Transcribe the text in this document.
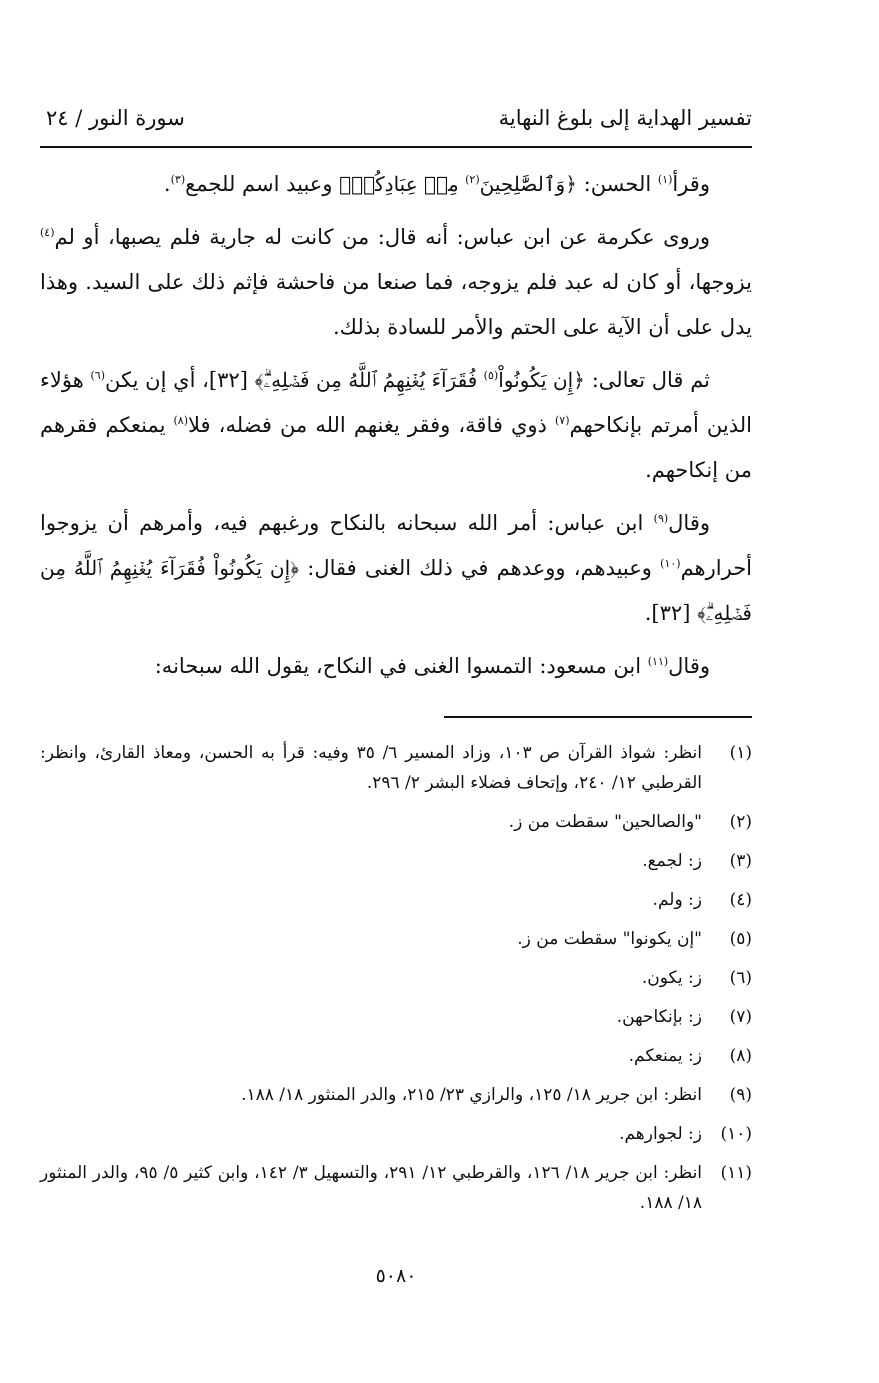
تفسير الهداية إلى بلوغ النهاية
سورة النور / ٢٤

وقرأ$^{(١)}$ الحسن: ﴿وَٱلصَّٰلِحِينَ$^{(٢)}$ مِنۡ عِبَادِكُمۡ﴾ وعبيد اسم للجمع$^{(٣)}$.

وروى عكرمة عن ابن عباس: أنه قال: من كانت له جارية فلم يصبها، أو لم$^{(٤)}$ يزوجها، أو كان له عبد فلم يزوجه، فما صنعا من فاحشة فإثم ذلك على السيد. وهذا يدل على أن الآية على الحتم والأمر للسادة بذلك.

ثم قال تعالى: ﴿إِن يَكُونُواْ$^{(٥)}$ فُقَرَآءَ يُغۡنِهِمُ ٱللَّهُ مِن فَضۡلِهِۦۗ﴾ [٣٢]، أي إن يكن$^{(٦)}$ هؤلاء الذين أمرتم بإنكاحهم$^{(٧)}$ ذوي فاقة، وفقر يغنهم الله من فضله، فلا$^{(٨)}$ يمنعكم فقرهم من إنكاحهم.

وقال$^{(٩)}$ ابن عباس: أمر الله سبحانه بالنكاح ورغبهم فيه، وأمرهم أن يزوجوا أحرارهم$^{(١٠)}$ وعبيدهم، ووعدهم في ذلك الغنى فقال: ﴿إِن يَكُونُواْ فُقَرَآءَ يُغۡنِهِمُ ٱللَّهُ مِن فَضۡلِهِۦۗ﴾ [٣٢].

وقال$^{(١١)}$ ابن مسعود: التمسوا الغنى في النكاح، يقول الله سبحانه:

(١)
انظر: شواذ القرآن ص ١٠٣، وزاد المسير ٦/ ٣٥ وفيه: قرأ به الحسن، ومعاذ القارئ، وانظر: القرطبي ١٢/ ٢٤٠، وإتحاف فضلاء البشر ٢/ ٢٩٦.
(٢)
"والصالحين" سقطت من ز.
(٣)
ز: لجمع.
(٤)
ز: ولم.
(٥)
"إن يكونوا" سقطت من ز.
(٦)
ز: يكون.
(٧)
ز: بإنكاحهن.
(٨)
ز: يمنعكم.
(٩)
انظر: ابن جرير ١٨/ ١٢٥، والرازي ٢٣/ ٢١٥، والدر المنثور ١٨/ ١٨٨.
(١٠)
ز: لجوارهم.
(١١)
انظر: ابن جرير ١٨/ ١٢٦، والقرطبي ١٢/ ٢٩١، والتسهيل ٣/ ١٤٢، وابن كثير ٥/ ٩٥، والدر المنثور ١٨/ ١٨٨.
٥٠٨٠
